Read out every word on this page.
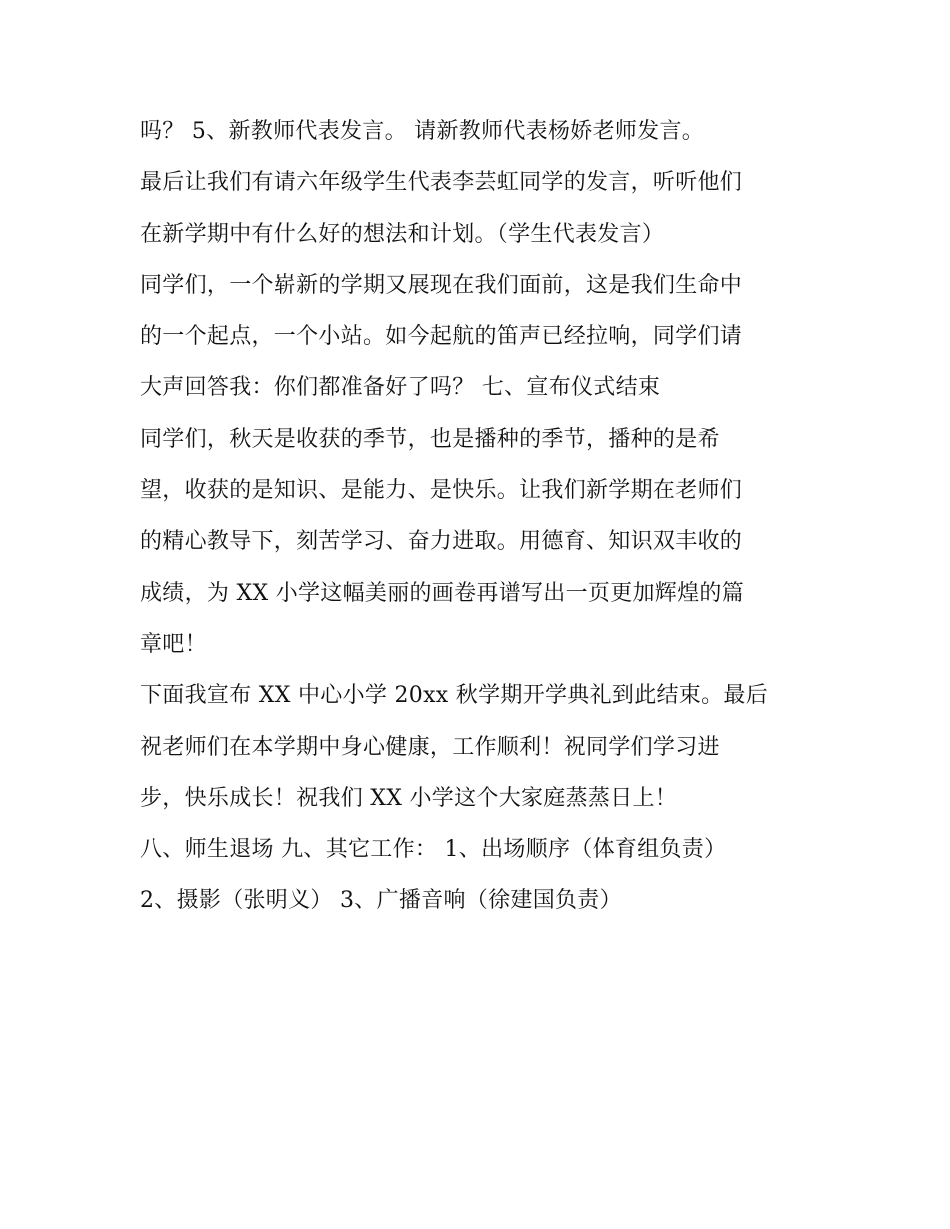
吗？ 5、新教师代表发言。 请新教师代表杨娇老师发言。
最后让我们有请六年级学生代表李芸虹同学的发言，听听他们
在新学期中有什么好的想法和计划。（学生代表发言）
同学们，一个崭新的学期又展现在我们面前，这是我们生命中
的一个起点，一个小站。如今起航的笛声已经拉响，同学们请
大声回答我：你们都准备好了吗？ 七、宣布仪式结束
同学们，秋天是收获的季节，也是播种的季节，播种的是希
望，收获的是知识、是能力、是快乐。让我们新学期在老师们
的精心教导下，刻苦学习、奋力进取。用德育、知识双丰收的
成绩，为 XX 小学这幅美丽的画卷再谱写出一页更加辉煌的篇
章吧！
下面我宣布 XX 中心小学 20xx 秋学期开学典礼到此结束。最后
祝老师们在本学期中身心健康，工作顺利！祝同学们学习进
步，快乐成长！祝我们 XX 小学这个大家庭蒸蒸日上！
八、师生退场 九、其它工作： 1、出场顺序（体育组负责）
2、摄影（张明义） 3、广播音响（徐建国负责）
